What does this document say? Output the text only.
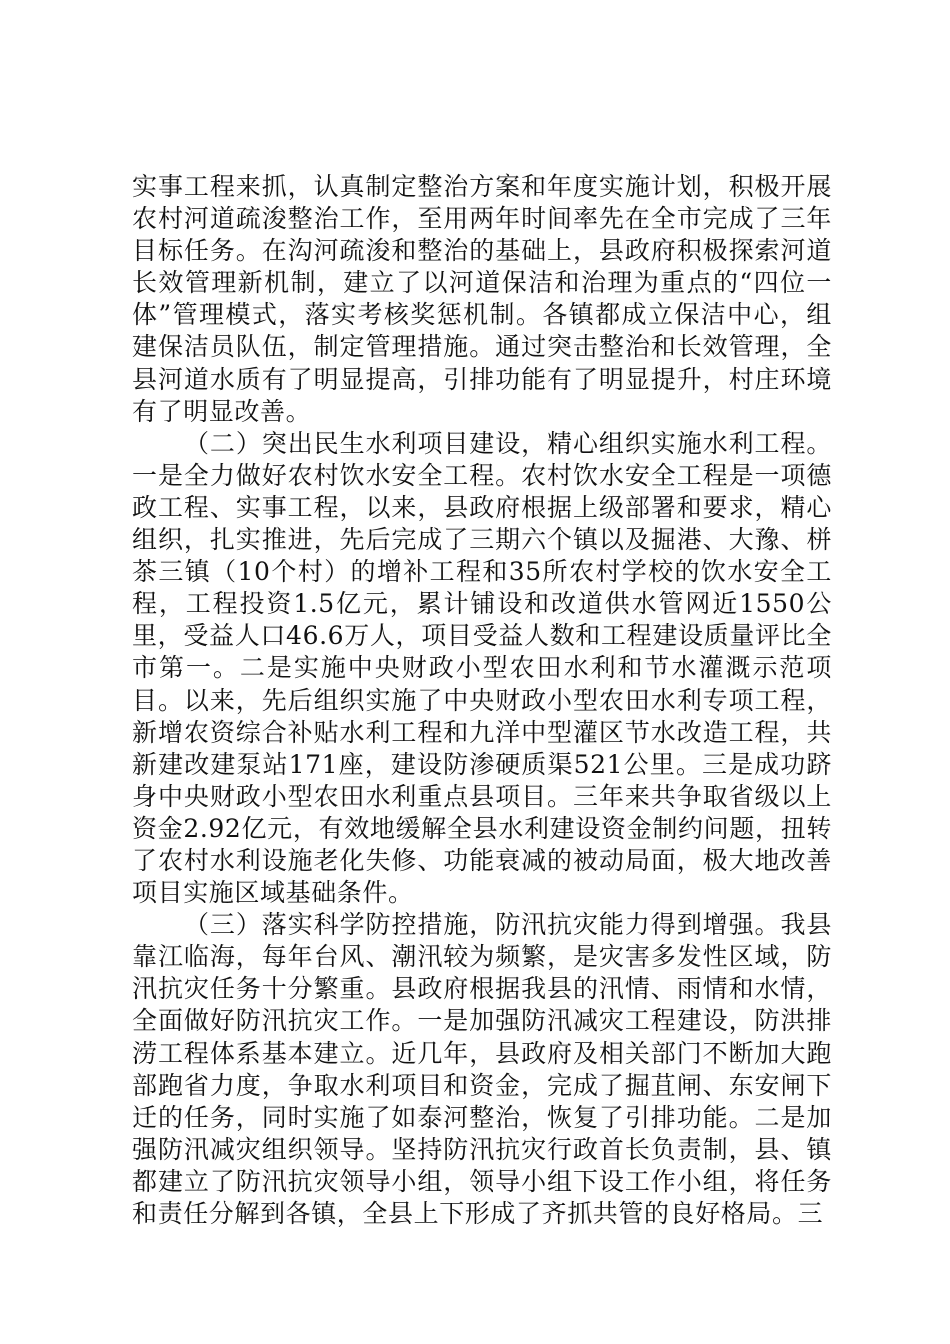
实事工程来抓，认真制定整治方案和年度实施计划，积极开展农村河道疏浚整治工作，至用两年时间率先在全市完成了三年目标任务。在沟河疏浚和整治的基础上，县政府积极探索河道长效管理新机制，建立了以河道保洁和治理为重点的“四位一体”管理模式，落实考核奖惩机制。各镇都成立保洁中心，组建保洁员队伍，制定管理措施。通过突击整治和长效管理，全县河道水质有了明显提高，引排功能有了明显提升，村庄环境有了明显改善。

（二）突出民生水利项目建设，精心组织实施水利工程。一是全力做好农村饮水安全工程。农村饮水安全工程是一项德政工程、实事工程，以来，县政府根据上级部署和要求，精心组织，扎实推进，先后完成了三期六个镇以及掘港、大豫、栟茶三镇（10个村）的增补工程和35所农村学校的饮水安全工程，工程投资1.5亿元，累计铺设和改道供水管网近1550公里，受益人口46.6万人，项目受益人数和工程建设质量评比全市第一。二是实施中央财政小型农田水利和节水灌溉示范项目。以来，先后组织实施了中央财政小型农田水利专项工程，新增农资综合补贴水利工程和九洋中型灌区节水改造工程，共新建改建泵站171座，建设防渗硬质渠521公里。三是成功跻身中央财政小型农田水利重点县项目。三年来共争取省级以上资金2.92亿元，有效地缓解全县水利建设资金制约问题，扭转了农村水利设施老化失修、功能衰减的被动局面，极大地改善项目实施区域基础条件。

（三）落实科学防控措施，防汛抗灾能力得到增强。我县靠江临海，每年台风、潮汛较为频繁，是灾害多发性区域，防汛抗灾任务十分繁重。县政府根据我县的汛情、雨情和水情，全面做好防汛抗灾工作。一是加强防汛减灾工程建设，防洪排涝工程体系基本建立。近几年，县政府及相关部门不断加大跑部跑省力度，争取水利项目和资金，完成了掘苴闸、东安闸下迁的任务，同时实施了如泰河整治，恢复了引排功能。二是加强防汛减灾组织领导。坚持防汛抗灾行政首长负责制，县、镇都建立了防汛抗灾领导小组，领导小组下设工作小组，将任务和责任分解到各镇，全县上下形成了齐抓共管的良好格局。三
